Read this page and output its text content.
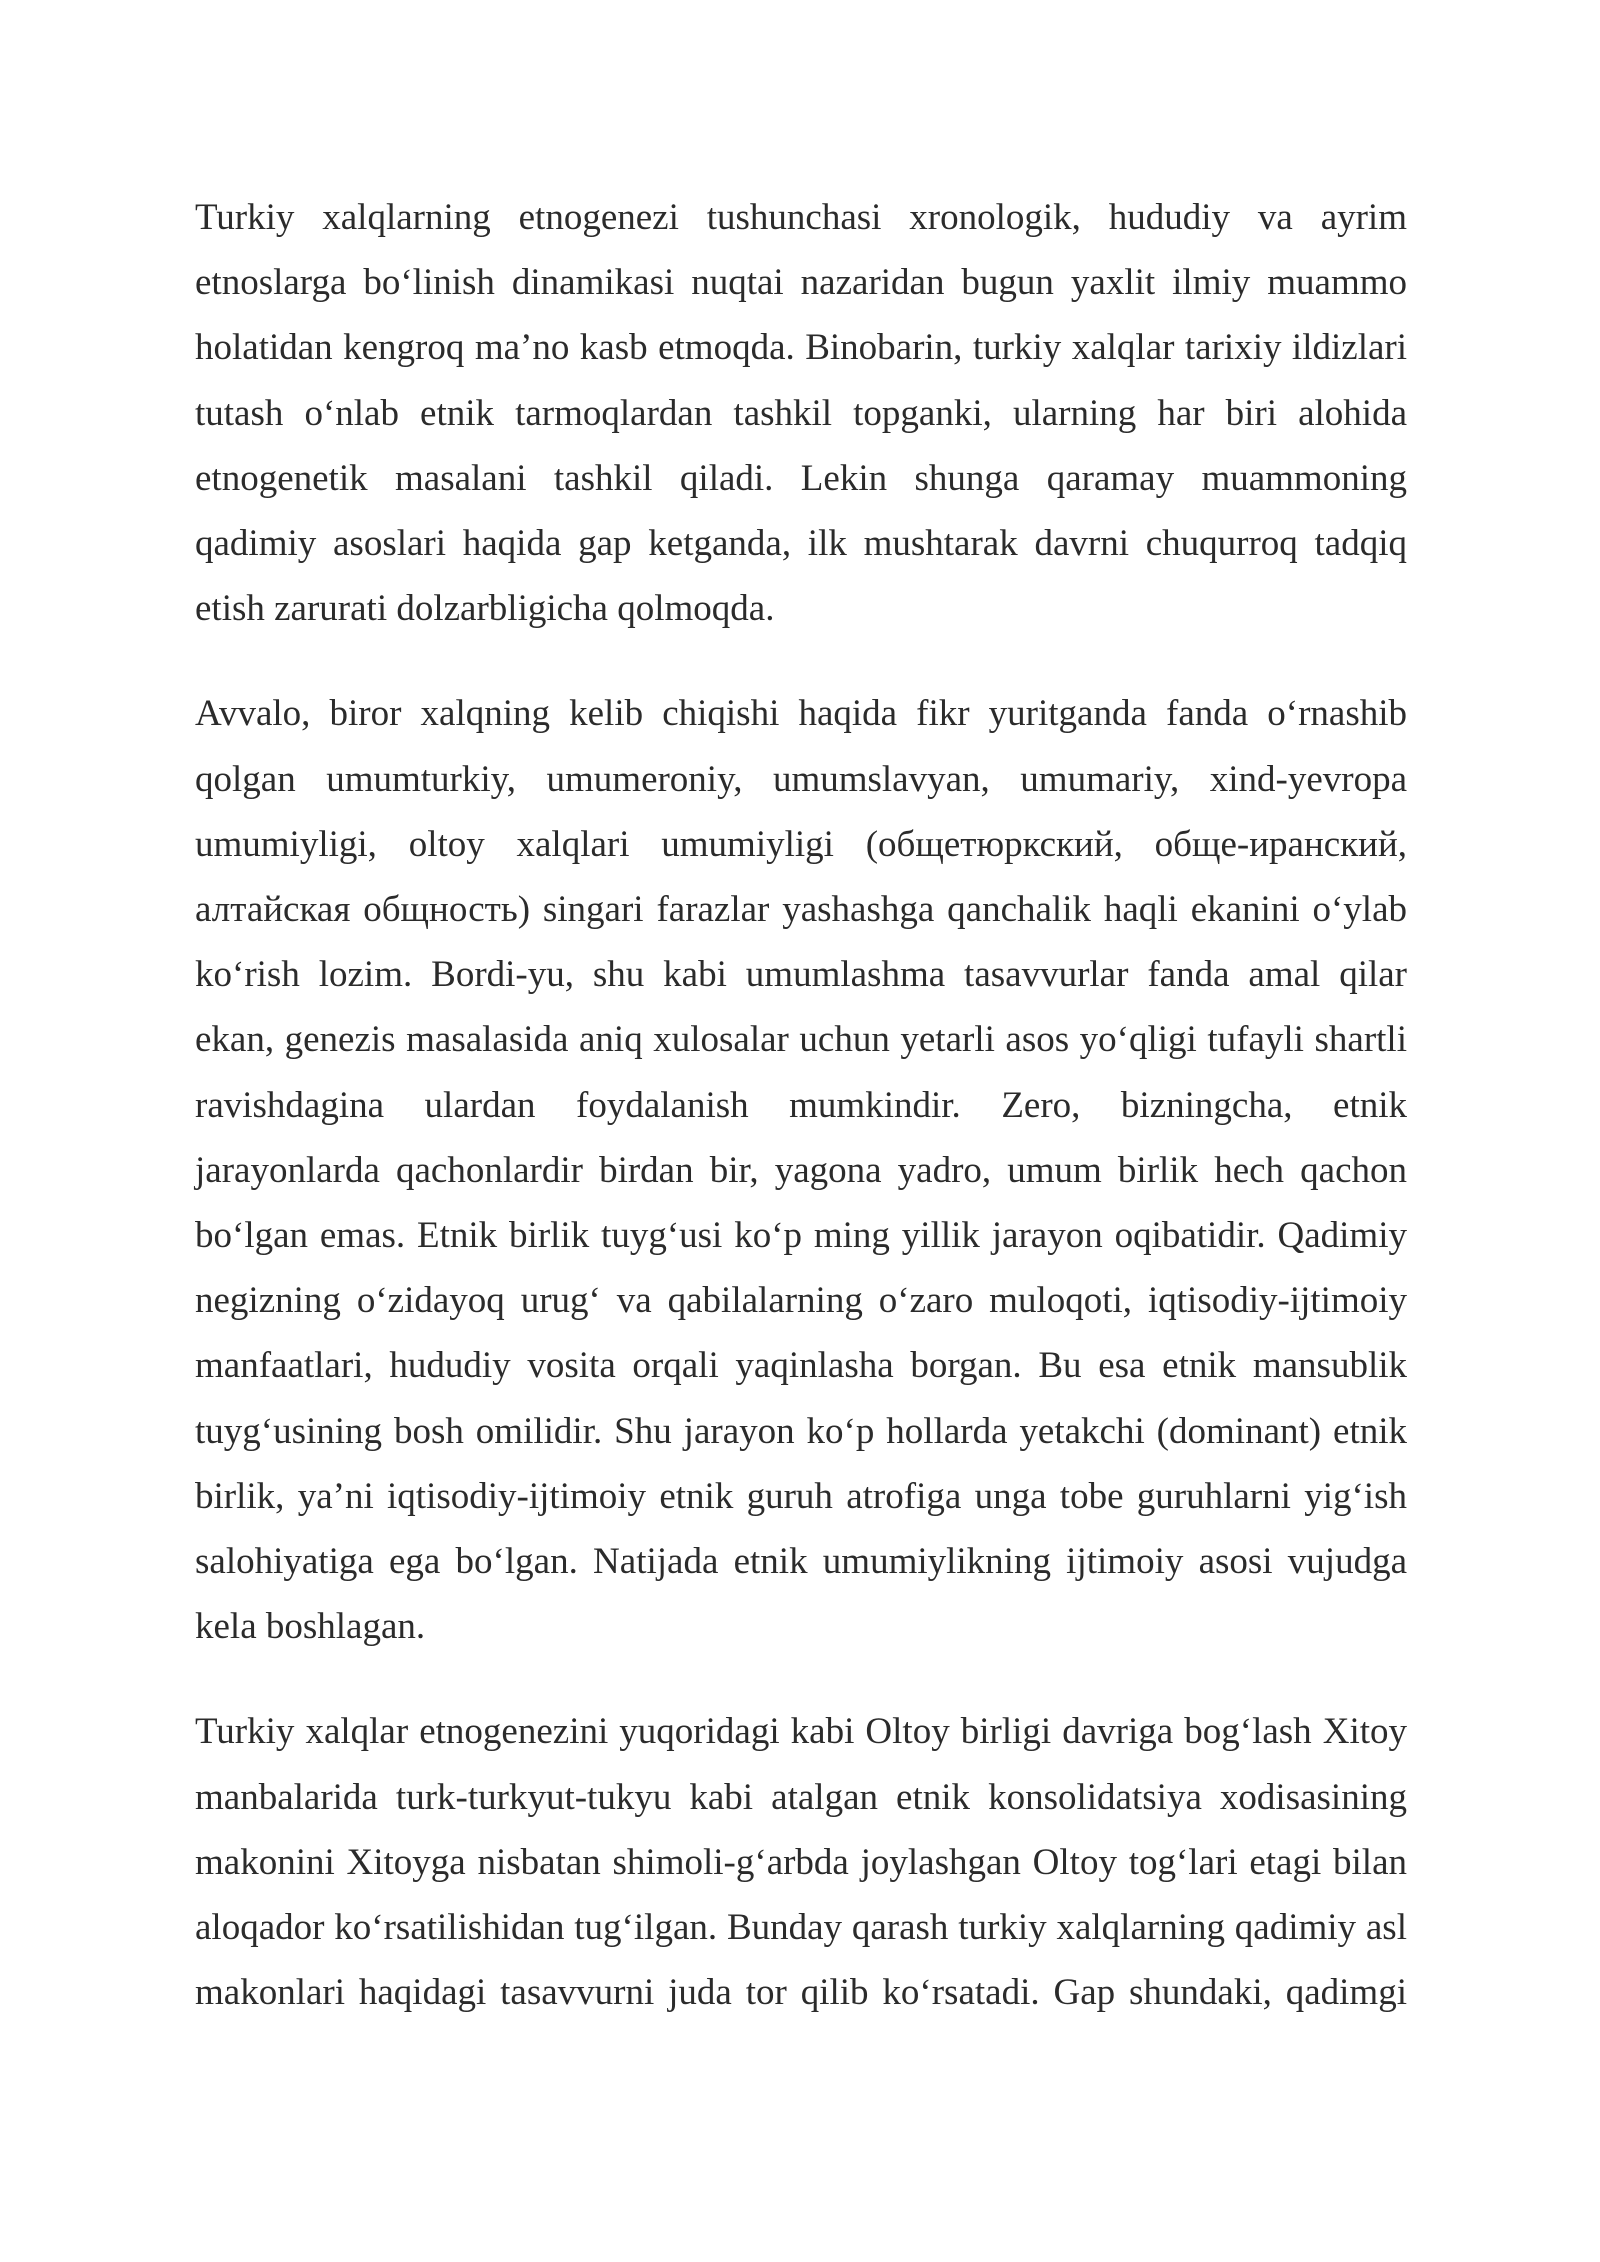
Turkiy xalqlarning etnogenezi tushunchasi xronologik, hududiy va ayrim etnoslarga boʻlinish dinamikasi nuqtai nazaridan bugun yaxlit ilmiy muammo holatidan kengroq ma’no kasb etmoqda. Binobarin, turkiy xalqlar tarixiy ildizlari tutash oʻnlab etnik tarmoqlardan tashkil topganki, ularning har biri alohida etnogenetik masalani tashkil qiladi. Lekin shunga qaramay muammoning qadimiy asoslari haqida gap ketganda, ilk mushtarak davrni chuqurroq tadqiq etish zarurati dolzarbligicha qolmoqda.

Avvalo, biror xalqning kelib chiqishi haqida fikr yuritganda fanda oʻrnashib qolgan umumturkiy, umumeroniy, umumslavyan, umumariy, xind-yevropa umumiyligi, oltoy xalqlari umumiyligi (общетюркский, обще-иранский, алтайская общность) singari farazlar yashashga qanchalik haqli ekanini oʻylab koʻrish lozim. Bordi-yu, shu kabi umumlashma tasavvurlar fanda amal qilar ekan, genezis masalasida aniq xulosalar uchun yetarli asos yoʻqligi tufayli shartli ravishdagina ulardan foydalanish mumkindir. Zero, bizningcha, etnik jarayonlarda qachonlardir birdan bir, yagona yadro, umum birlik hech qachon boʻlgan emas. Etnik birlik tuygʻusi koʻp ming yillik jarayon oqibatidir. Qadimiy negizning oʻzidayoq urugʻ va qabilalarning oʻzaro muloqoti, iqtisodiy-ijtimoiy manfaatlari, hududiy vosita orqali yaqinlasha borgan. Bu esa etnik mansublik tuygʻusining bosh omilidir. Shu jarayon koʻp hollarda yetakchi (dominant) etnik birlik, ya’ni iqtisodiy-ijtimoiy etnik guruh atrofiga unga tobe guruhlarni yigʻish salohiyatiga ega boʻlgan. Natijada etnik umumiylikning ijtimoiy asosi vujudga kela boshlagan.

Turkiy xalqlar etnogenezini yuqoridagi kabi Oltoy birligi davriga bogʻlash Xitoy manbalarida turk-turkyut-tukyu kabi atalgan etnik konsolidatsiya xodisasining makonini Xitoyga nisbatan shimoli-gʻarbda joylashgan Oltoy togʻlari etagi bilan aloqador koʻrsatilishidan tugʻilgan. Bunday qarash turkiy xalqlarning qadimiy asl makonlari haqidagi tasavvurni juda tor qilib koʻrsatadi. Gap shundaki, qadimgi
